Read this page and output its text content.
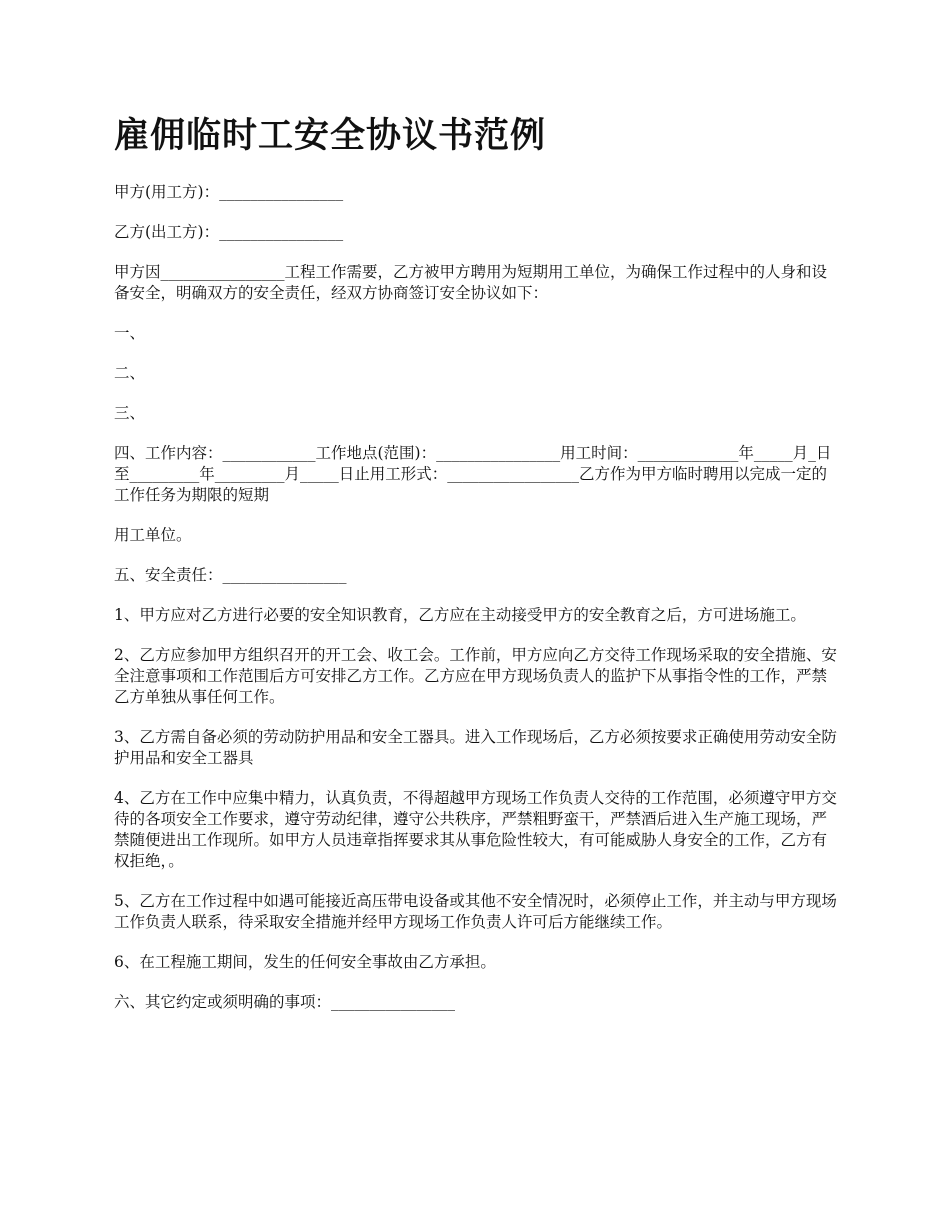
雇佣临时工安全协议书范例

甲方(用工方)：________________

乙方(出工方)：________________

甲方因________________工程工作需要，乙方被甲方聘用为短期用工单位，为确保工作过程中的人身和设备安全，明确双方的安全责任，经双方协商签订安全协议如下：

一、

二、

三、

四、工作内容：____________工作地点(范围)：________________用工时间：_____________年_____月_日至_________年_________月_____日止用工形式：_________________乙方作为甲方临时聘用以完成一定的工作任务为期限的短期

用工单位。

五、安全责任：________________

1、甲方应对乙方进行必要的安全知识教育，乙方应在主动接受甲方的安全教育之后，方可进场施工。

2、乙方应参加甲方组织召开的开工会、收工会。工作前，甲方应向乙方交待工作现场采取的安全措施、安全注意事项和工作范围后方可安排乙方工作。乙方应在甲方现场负责人的监护下从事指令性的工作，严禁乙方单独从事任何工作。

3、乙方需自备必须的劳动防护用品和安全工器具。进入工作现场后，乙方必须按要求正确使用劳动安全防护用品和安全工器具

4、乙方在工作中应集中精力，认真负责，不得超越甲方现场工作负责人交待的工作范围，必须遵守甲方交待的各项安全工作要求，遵守劳动纪律，遵守公共秩序，严禁粗野蛮干，严禁酒后进入生产施工现场，严禁随便进出工作现所。如甲方人员违章指挥要求其从事危险性较大，有可能威胁人身安全的工作，乙方有权拒绝，。

5、乙方在工作过程中如遇可能接近高压带电设备或其他不安全情况时，必须停止工作，并主动与甲方现场工作负责人联系，待采取安全措施并经甲方现场工作负责人许可后方能继续工作。

6、在工程施工期间，发生的任何安全事故由乙方承担。

六、其它约定或须明确的事项：________________
